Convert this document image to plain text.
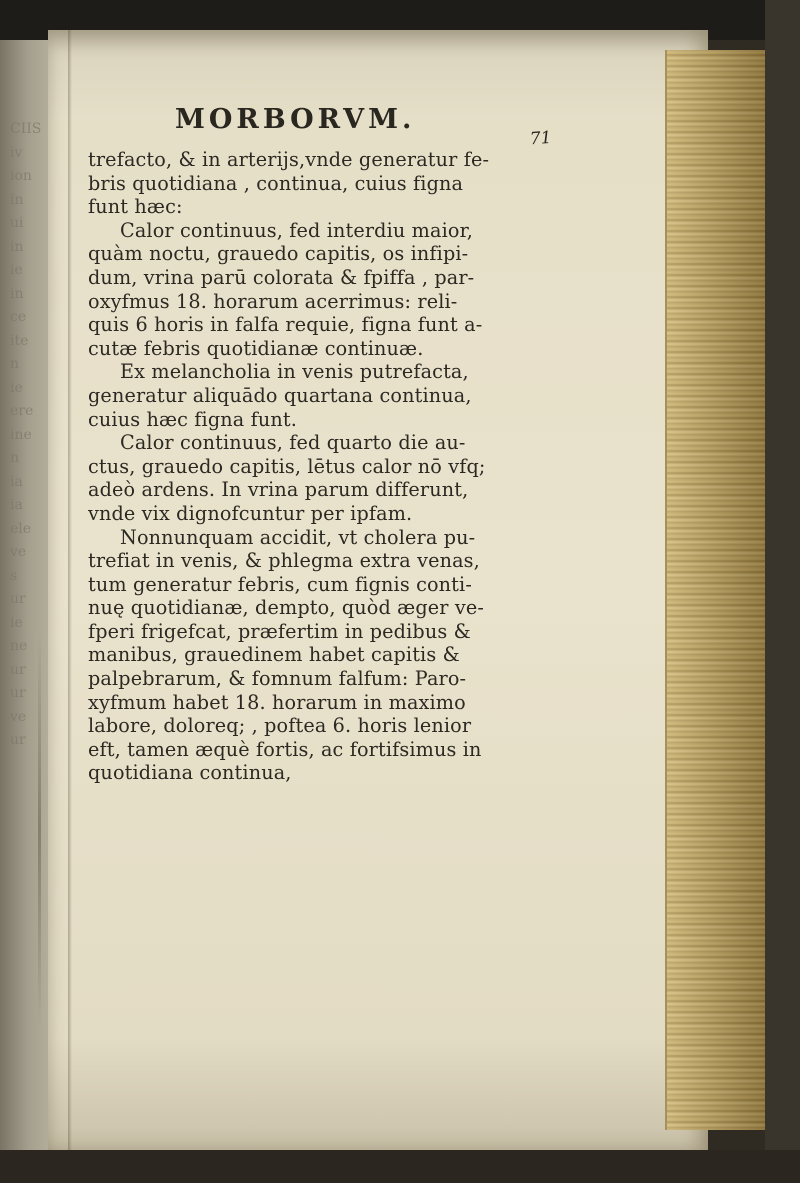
CIIS
iv
ion
in
ui
in
ie
in
ce
ite
n
ie
ere
ine
n
ia
ia
ele
ve
s
ur
ie
ne
ur
ur
ve
ur
MORBORVM.
71
trefacto, & in arterijs,vnde generatur fe-
bris quotidiana , continua, cuius figna
funt hæc:
Calor continuus, fed interdiu maior,
quàm noctu, grauedo capitis, os infipi-
dum, vrina parū colorata & fpiffa , par-
oxyfmus 18. horarum acerrimus: reli-
quis 6 horis in falfa requie, figna funt a-
cutæ febris quotidianæ continuæ.
Ex melancholia in venis putrefacta,
generatur aliquādo quartana continua,
cuius hæc figna funt.
Calor continuus, fed quarto die au-
ctus, grauedo capitis, lētus calor nō vfq;
adeò ardens. In vrina parum differunt,
vnde vix dignofcuntur per ipfam.
Nonnunquam accidit, vt cholera pu-
trefiat in venis, & phlegma extra venas,
tum generatur febris, cum fignis conti-
nuę quotidianæ, dempto, quòd æger ve-
fperi frigefcat, præfertim in pedibus &
manibus, grauedinem habet capitis &
palpebrarum, & fomnum falfum: Paro-
xyfmum habet 18. horarum in maximo
labore, doloreq; , poftea 6. horis lenior
eft, tamen æquè fortis, ac fortifsimus in
quotidiana continua,
